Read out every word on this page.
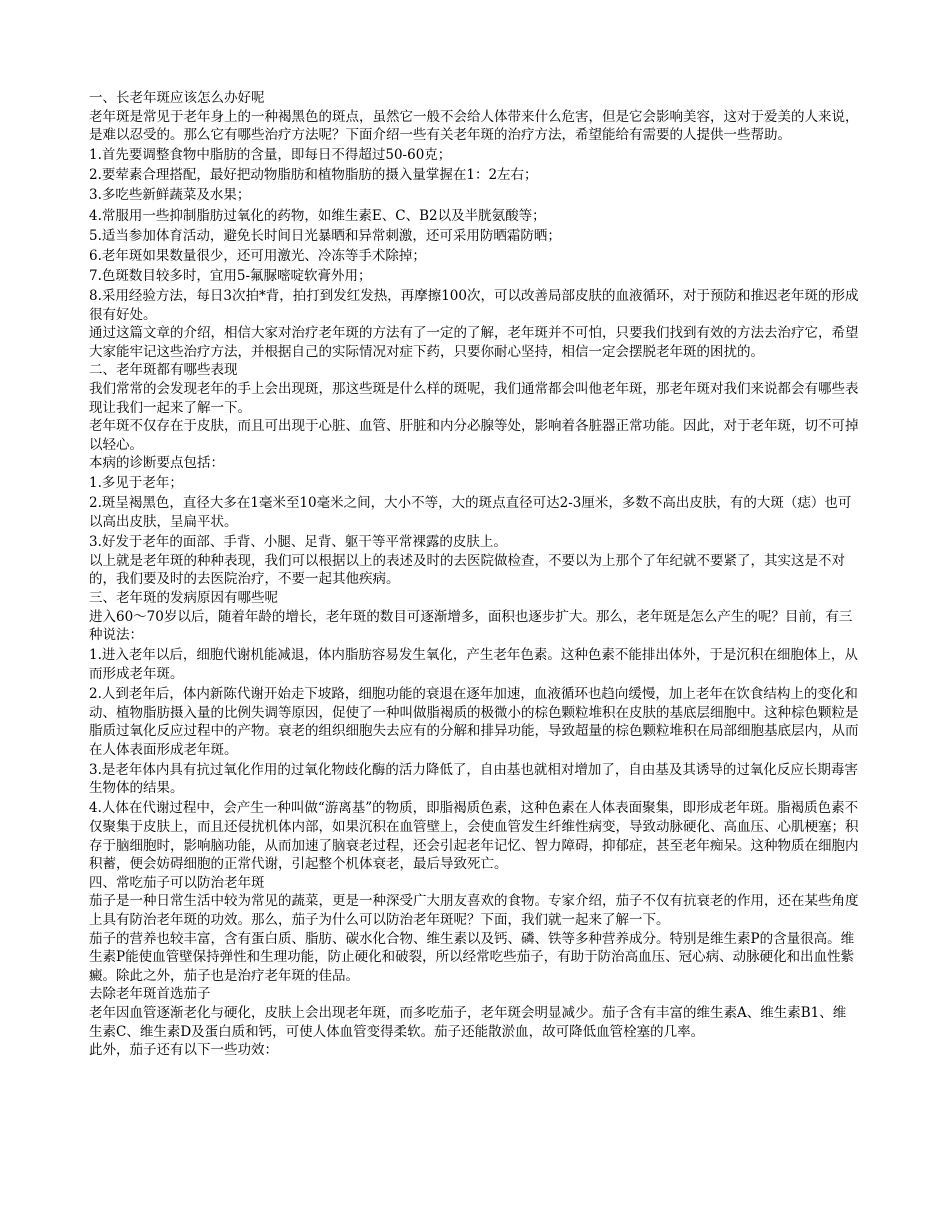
一、长老年斑应该怎么办好呢

老年斑是常见于老年身上的一种褐黑色的斑点，虽然它一般不会给人体带来什么危害，但是它会影响美容，这对于爱美的人来说，是难以忍受的。那么它有哪些治疗方法呢？下面介绍一些有关老年斑的治疗方法，希望能给有需要的人提供一些帮助。

1.首先要调整食物中脂肪的含量，即每日不得超过50-60克；

2.要荤素合理搭配，最好把动物脂肪和植物脂肪的摄入量掌握在1：2左右；

3.多吃些新鲜蔬菜及水果；

4.常服用一些抑制脂肪过氧化的药物，如维生素E、C、B2以及半胱氨酸等；

5.适当参加体育活动，避免长时间日光暴晒和异常刺激，还可采用防晒霜防晒；

6.老年斑如果数量很少，还可用激光、冷冻等手术除掉；

7.色斑数目较多时，宜用5-氟脲嘧啶软膏外用；

8.采用经验方法，每日3次拍*背，拍打到发红发热，再摩擦100次，可以改善局部皮肤的血液循环，对于预防和推迟老年斑的形成很有好处。

通过这篇文章的介绍，相信大家对治疗老年斑的方法有了一定的了解，老年斑并不可怕，只要我们找到有效的方法去治疗它，希望大家能牢记这些治疗方法，并根据自己的实际情况对症下药，只要你耐心坚持，相信一定会摆脱老年斑的困扰的。

二、老年斑都有哪些表现

我们常常的会发现老年的手上会出现斑，那这些斑是什么样的斑呢，我们通常都会叫他老年斑，那老年斑对我们来说都会有哪些表现让我们一起来了解一下。

老年斑不仅存在于皮肤，而且可出现于心脏、血管、肝脏和内分必腺等处，影响着各脏器正常功能。因此，对于老年斑，切不可掉以轻心。

本病的诊断要点包括：

1.多见于老年；

2.斑呈褐黑色，直径大多在1毫米至10毫米之间，大小不等，大的斑点直径可达2-3厘米，多数不高出皮肤，有的大斑（痣）也可以高出皮肤，呈扁平状。

3.好发于老年的面部、手背、小腿、足背、躯干等平常裸露的皮肤上。

以上就是老年斑的种种表现，我们可以根据以上的表述及时的去医院做检查，不要以为上那个了年纪就不要紧了，其实这是不对的，我们要及时的去医院治疗，不要一起其他疾病。

三、老年斑的发病原因有哪些呢

进入60～70岁以后，随着年龄的增长，老年斑的数目可逐渐增多，面积也逐步扩大。那么，老年斑是怎么产生的呢？目前，有三种说法：

1.进入老年以后，细胞代谢机能减退，体内脂肪容易发生氧化，产生老年色素。这种色素不能排出体外，于是沉积在细胞体上，从而形成老年斑。

2.人到老年后，体内新陈代谢开始走下坡路，细胞功能的衰退在逐年加速，血液循环也趋向缓慢，加上老年在饮食结构上的变化和动、植物脂肪摄入量的比例失调等原因，促使了一种叫做脂褐质的极微小的棕色颗粒堆积在皮肤的基底层细胞中。这种棕色颗粒是脂质过氧化反应过程中的产物。衰老的组织细胞失去应有的分解和排异功能，导致超量的棕色颗粒堆积在局部细胞基底层内，从而在人体表面形成老年斑。

3.是老年体内具有抗过氧化作用的过氧化物歧化酶的活力降低了，自由基也就相对增加了，自由基及其诱导的过氧化反应长期毒害生物体的结果。

4.人体在代谢过程中，会产生一种叫做“游离基”的物质，即脂褐质色素，这种色素在人体表面聚集，即形成老年斑。脂褐质色素不仅聚集于皮肤上，而且还侵扰机体内部，如果沉积在血管壁上，会使血管发生纤维性病变，导致动脉硬化、高血压、心肌梗塞；积存于脑细胞时，影响脑功能，从而加速了脑衰老过程，还会引起老年记忆、智力障碍，抑郁症，甚至老年痴呆。这种物质在细胞内积蓄，便会妨碍细胞的正常代谢，引起整个机体衰老，最后导致死亡。

四、常吃茄子可以防治老年斑

茄子是一种日常生活中较为常见的蔬菜，更是一种深受广大朋友喜欢的食物。专家介绍，茄子不仅有抗衰老的作用，还在某些角度上具有防治老年斑的功效。那么，茄子为什么可以防治老年斑呢？下面，我们就一起来了解一下。

茄子的营养也较丰富，含有蛋白质、脂肪、碳水化合物、维生素以及钙、磷、铁等多种营养成分。特别是维生素P的含量很高。维生素P能使血管壁保持弹性和生理功能，防止硬化和破裂，所以经常吃些茄子，有助于防治高血压、冠心病、动脉硬化和出血性紫癜。除此之外，茄子也是治疗老年斑的佳品。

去除老年斑首选茄子

老年因血管逐渐老化与硬化，皮肤上会出现老年斑，而多吃茄子，老年斑会明显减少。茄子含有丰富的维生素A、维生素B1、维生素C、维生素D及蛋白质和钙，可使人体血管变得柔软。茄子还能散淤血，故可降低血管栓塞的几率。

此外，茄子还有以下一些功效：
